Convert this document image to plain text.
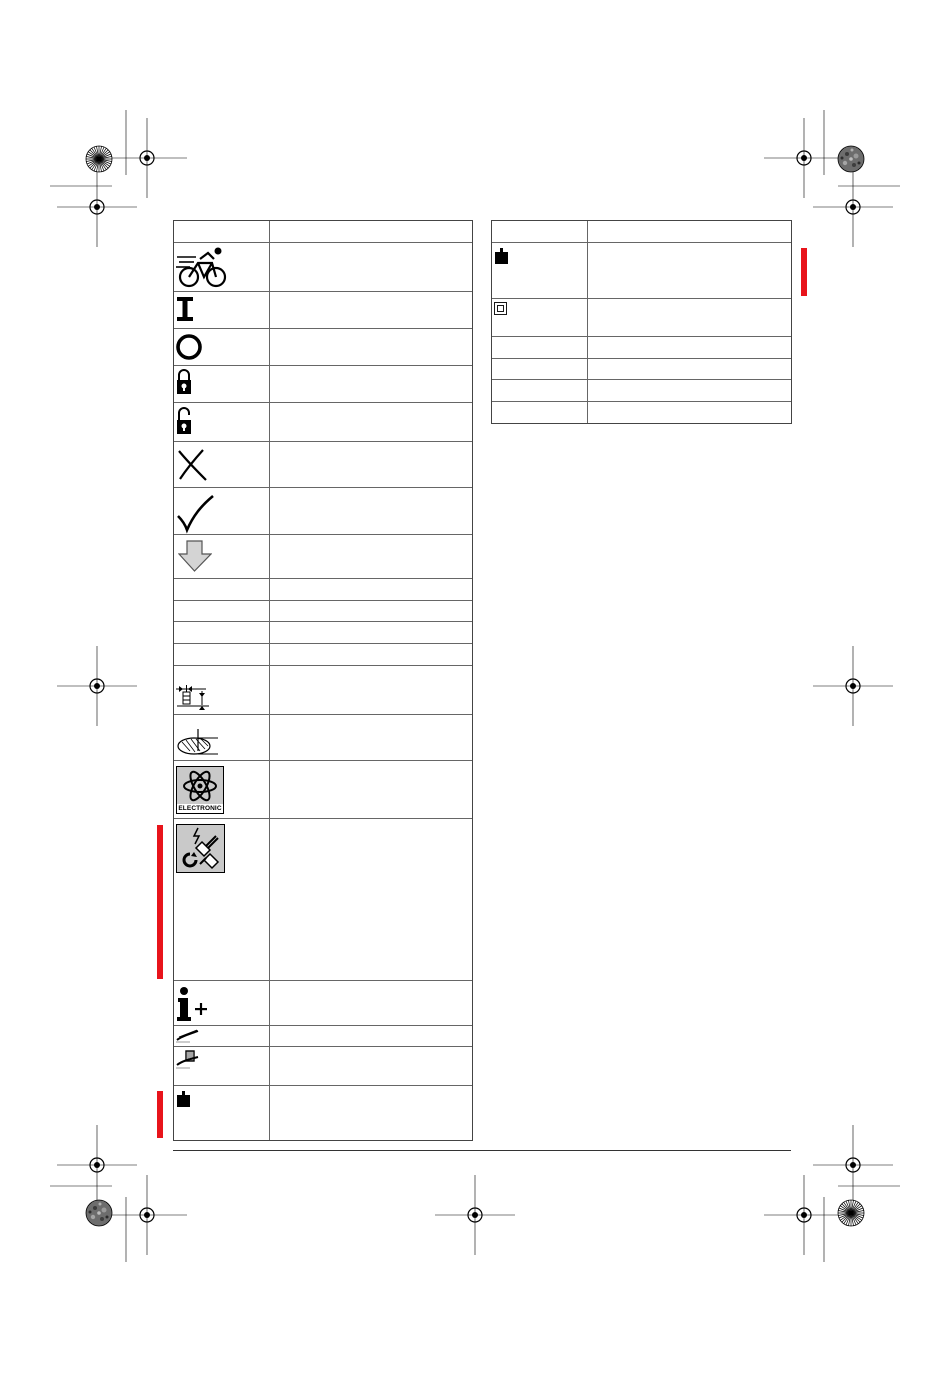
ELECTRONIC
